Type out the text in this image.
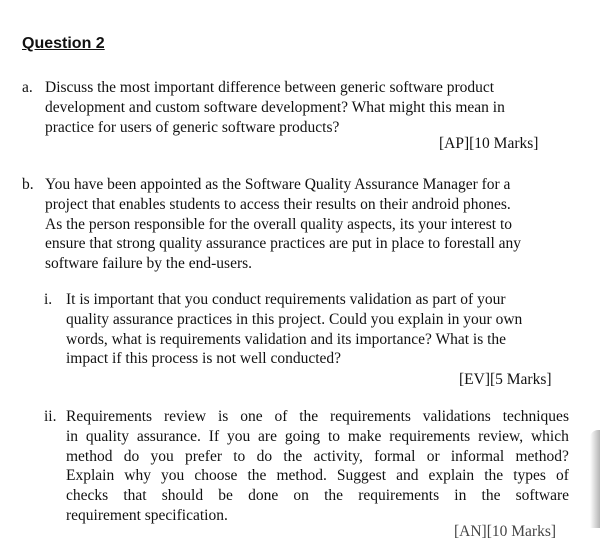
Question 2
a. Discuss the most important difference between generic software product
development and custom software development? What might this mean in
practice for users of generic software products?
[AP][10 Marks]
b. You have been appointed as the Software Quality Assurance Manager for a
project that enables students to access their results on their android phones.
As the person responsible for the overall quality aspects, its your interest to
ensure that strong quality assurance practices are put in place to forestall any
software failure by the end-users.
i. It is important that you conduct requirements validation as part of your
quality assurance practices in this project. Could you explain in your own
words, what is requirements validation and its importance? What is the
impact if this process is not well conducted?
[EV][5 Marks]
ii. Requirements review is one of the requirements validations techniques
in quality assurance. If you are going to make requirements review, which
method do you prefer to do the activity, formal or informal method?
Explain why you choose the method. Suggest and explain the types of
checks that should be done on the requirements in the software
requirement specification.
[AN][10 Marks]
